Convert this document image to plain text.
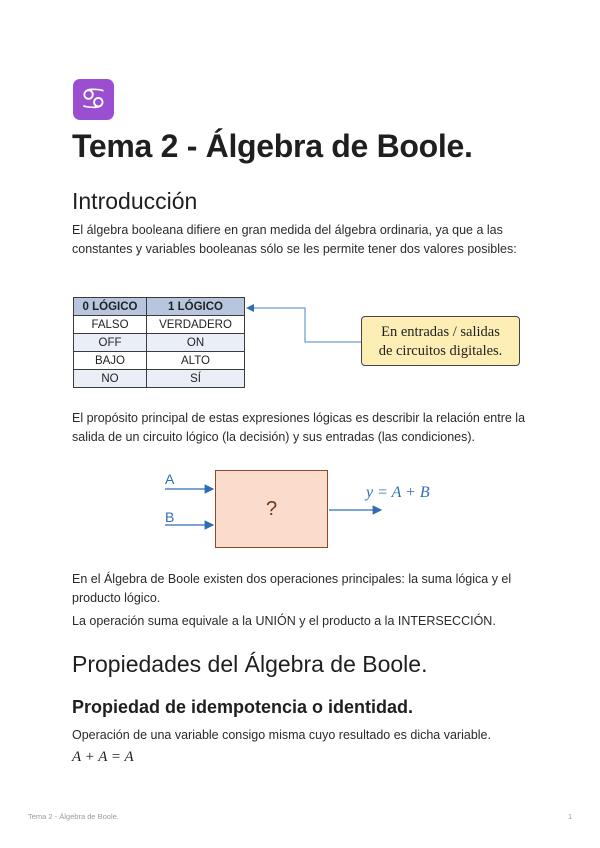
♋
Tema 2 - Álgebra de Boole.
Introducción
El álgebra booleana difiere en gran medida del álgebra ordinaria, ya que a las constantes y variables booleanas sólo se les permite tener dos valores posibles:
0 LÓGICO	1 LÓGICO
FALSO	VERDADERO
OFF	ON
BAJO	ALTO
NO	SÍ
En entradas / salidas
de circuitos digitales.
El propósito principal de estas expresiones lógicas es describir la relación entre la salida de un circuito lógico (la decisión) y sus entradas (las condiciones).
A
B	?
y = A + B
En el Álgebra de Boole existen dos operaciones principales: la suma lógica y el producto lógico.
La operación suma equivale a la UNIÓN y el producto a la INTERSECCIÓN.
Propiedades del Álgebra de Boole.
Propiedad de idempotencia o identidad.
Operación de una variable consigo misma cuyo resultado es dicha variable.
A + A = A
Tema 2 - Álgebra de Boole.	1
